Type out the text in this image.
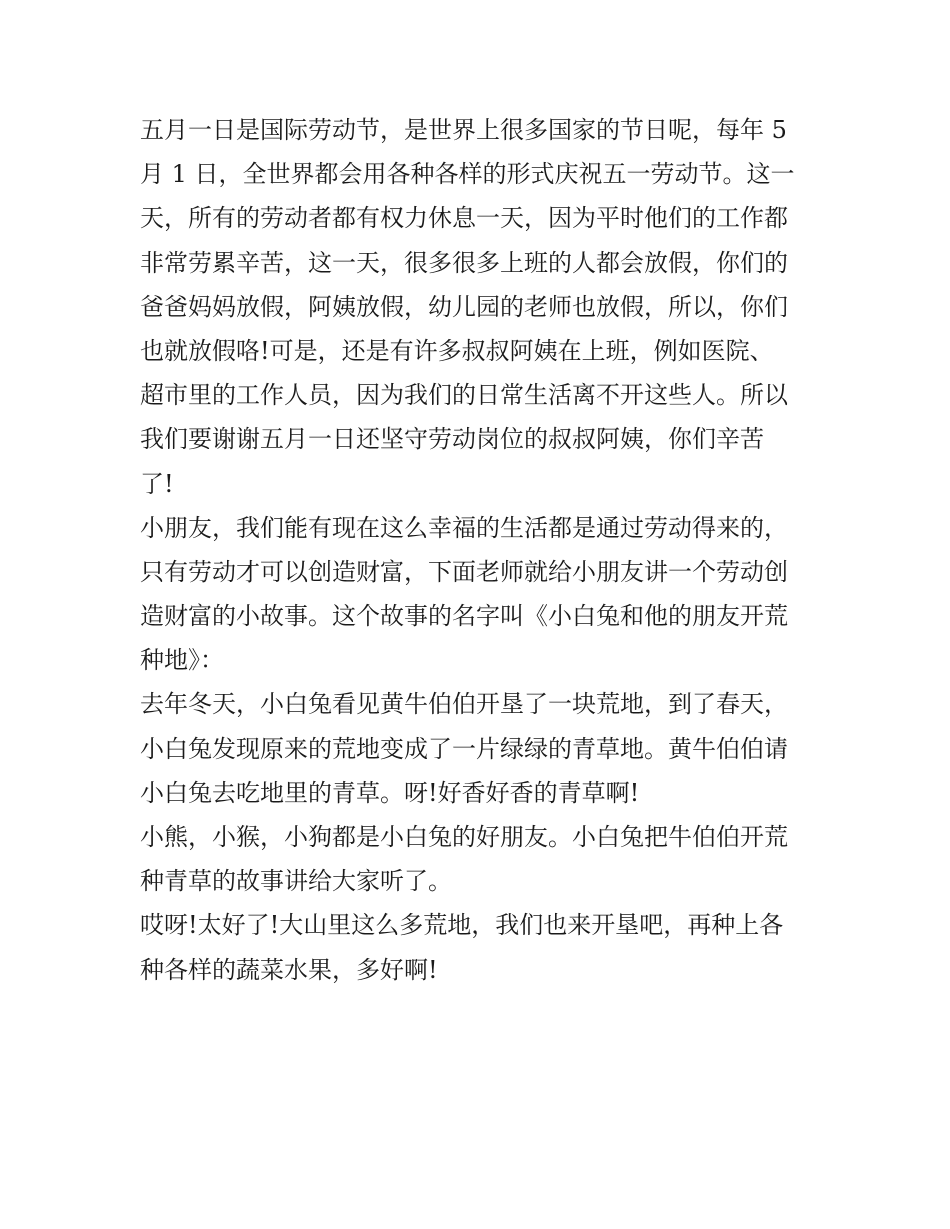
五月一日是国际劳动节，是世界上很多国家的节日呢，每年 5
月 1 日，全世界都会用各种各样的形式庆祝五一劳动节。这一
天，所有的劳动者都有权力休息一天，因为平时他们的工作都
非常劳累辛苦，这一天，很多很多上班的人都会放假，你们的
爸爸妈妈放假，阿姨放假，幼儿园的老师也放假，所以，你们
也就放假咯!可是，还是有许多叔叔阿姨在上班，例如医院、
超市里的工作人员，因为我们的日常生活离不开这些人。所以
我们要谢谢五月一日还坚守劳动岗位的叔叔阿姨，你们辛苦
了!
小朋友，我们能有现在这么幸福的生活都是通过劳动得来的，
只有劳动才可以创造财富，下面老师就给小朋友讲一个劳动创
造财富的小故事。这个故事的名字叫《小白兔和他的朋友开荒
种地》：
去年冬天，小白兔看见黄牛伯伯开垦了一块荒地，到了春天，
小白兔发现原来的荒地变成了一片绿绿的青草地。黄牛伯伯请
小白兔去吃地里的青草。呀!好香好香的青草啊!
小熊，小猴，小狗都是小白兔的好朋友。小白兔把牛伯伯开荒
种青草的故事讲给大家听了。
哎呀!太好了!大山里这么多荒地，我们也来开垦吧，再种上各
种各样的蔬菜水果，多好啊!
